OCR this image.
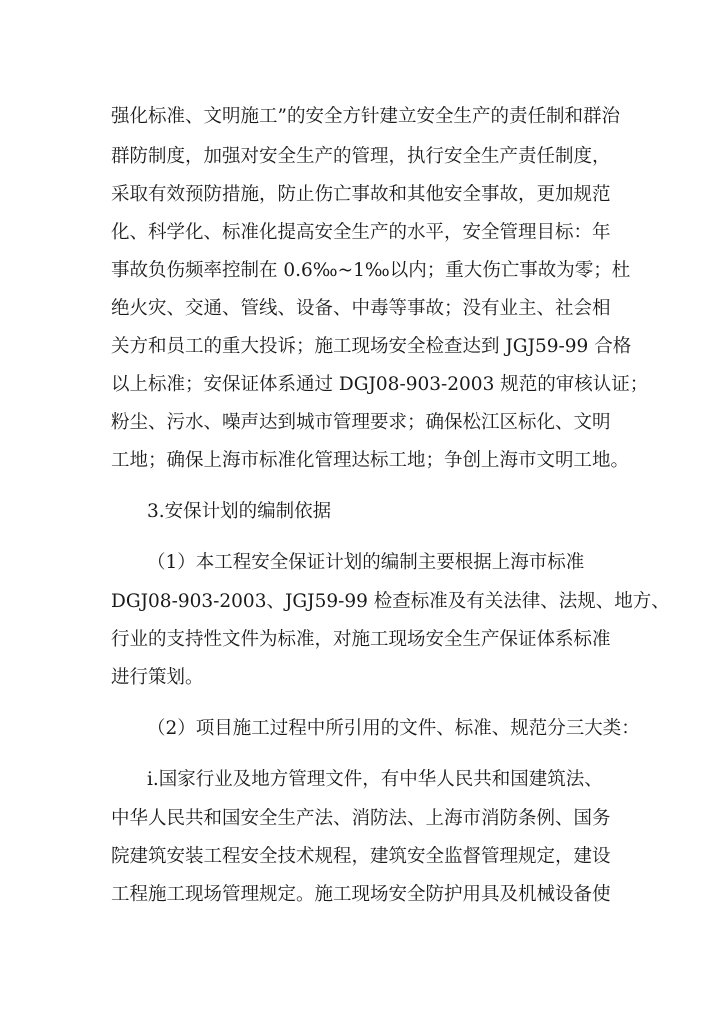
强化标准、文明施工”的安全方针建立安全生产的责任制和群治

群防制度，加强对安全生产的管理，执行安全生产责任制度，

采取有效预防措施，防止伤亡事故和其他安全事故，更加规范

化、科学化、标准化提高安全生产的水平，安全管理目标：年

事故负伤频率控制在 0.6‰~1‰以内；重大伤亡事故为零；杜

绝火灾、交通、管线、设备、中毒等事故；没有业主、社会相

关方和员工的重大投诉；施工现场安全检查达到 JGJ59-99 合格

以上标准；安保证体系通过 DGJ08-903-2003 规范的审核认证；

粉尘、污水、噪声达到城市管理要求；确保松江区标化、文明

工地；确保上海市标准化管理达标工地；争创上海市文明工地。

3.安保计划的编制依据

（1）本工程安全保证计划的编制主要根据上海市标准

DGJ08-903-2003、JGJ59-99 检查标准及有关法律、法规、地方、

行业的支持性文件为标准，对施工现场安全生产保证体系标准

进行策划。

（2）项目施工过程中所引用的文件、标准、规范分三大类：

i.国家行业及地方管理文件，有中华人民共和国建筑法、

中华人民共和国安全生产法、消防法、上海市消防条例、国务

院建筑安装工程安全技术规程，建筑安全监督管理规定，建设

工程施工现场管理规定。施工现场安全防护用具及机械设备使
